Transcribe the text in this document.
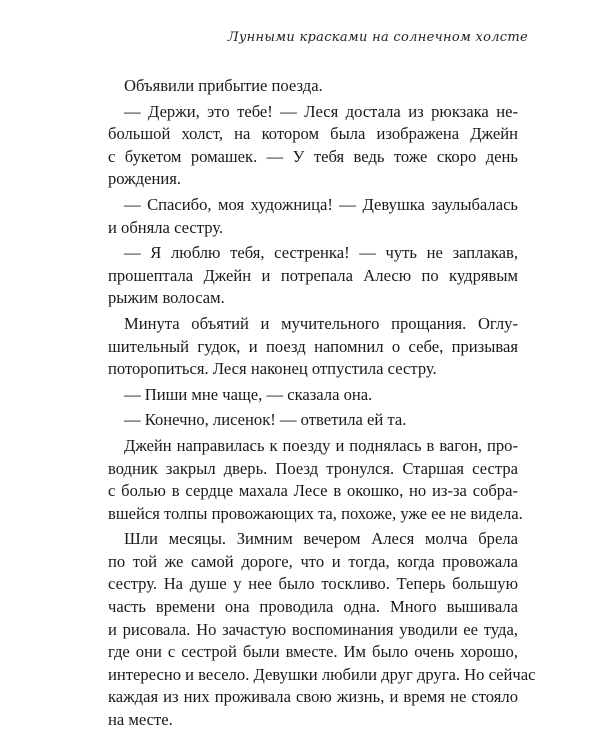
Лунными красками на солнечном холсте

Объявили прибытие поезда.
— Держи, это тебе! — Леся достала из рюкзака не-
большой холст, на котором была изображена Джейн
с букетом ромашек. — У тебя ведь тоже скоро день
рождения.
— Спасибо, моя художница! — Девушка заулыбалась
и обняла сестру.
— Я люблю тебя, сестренка! — чуть не заплакав,
прошептала Джейн и потрепала Алесю по кудрявым
рыжим волосам.
Минута объятий и мучительного прощания. Оглу-
шительный гудок, и поезд напомнил о себе, призывая
поторопиться. Леся наконец отпустила сестру.
— Пиши мне чаще, — сказала она.
— Конечно, лисенок! — ответила ей та.
Джейн направилась к поезду и поднялась в вагон, про-
водник закрыл дверь. Поезд тронулся. Старшая сестра
с болью в сердце махала Лесе в окошко, но из-за собра-
вшейся толпы провожающих та, похоже, уже ее не видела.
Шли месяцы. Зимним вечером Алеся молча брела
по той же самой дороге, что и тогда, когда провожала
сестру. На душе у нее было тоскливо. Теперь большую
часть времени она проводила одна. Много вышивала
и рисовала. Но зачастую воспоминания уводили ее туда,
где они с сестрой были вместе. Им было очень хорошо,
интересно и весело. Девушки любили друг друга. Но сейчас
каждая из них проживала свою жизнь, и время не стояло
на месте.
